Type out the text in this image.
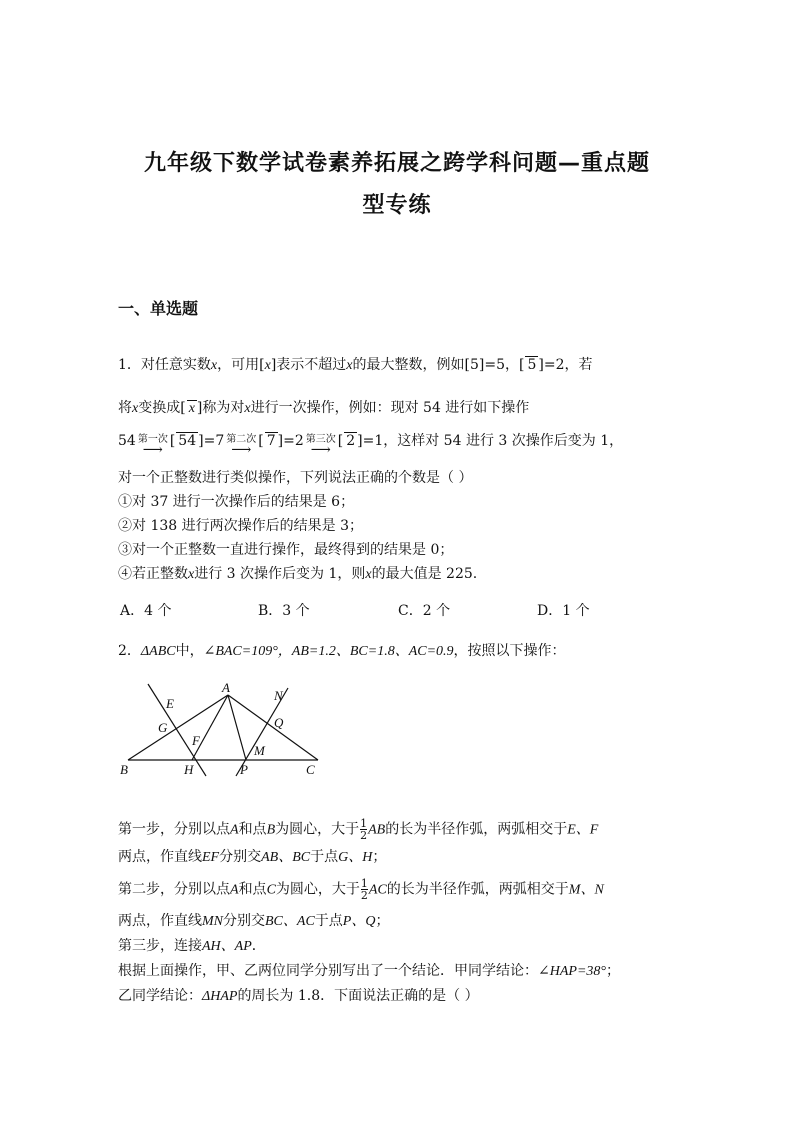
九年级下数学试卷素养拓展之跨学科问题—重点题
型专练
一、单选题
1．对任意实数x，可用[x]表示不超过x的最大整数，例如[5]=5，[ 5 ]=2，若
将x变换成[ x ]称为对x进行一次操作，例如：现对 54 进行如下操作
54 第一次 ⟶ [ 54 ]=7 第二次 ⟶ [ 7 ]=2 第三次 ⟶ [ 2 ]=1，这样对 54 进行 3 次操作后变为 1，
对一个正整数进行类似操作，下列说法正确的个数是（ ）
①对 37 进行一次操作后的结果是 6；
②对 138 进行两次操作后的结果是 3；
③对一个正整数一直进行操作，最终得到的结果是 0；
④若正整数x进行 3 次操作后变为 1，则x的最大值是 225.
A．4 个	B．3 个	C．2 个	D．1 个
2．ΔABC中，∠BAC=109°，AB=1.2、BC=1.8、AC=0.9，按照以下操作：
A
B	C
E
G
F
H
N
Q
M
P
第一步，分别以点A和点B为圆心，大于 $\frac{1}{2}$ AB的长为半径作弧，两弧相交于E、F
两点，作直线EF分别交AB、BC于点G、H；
第二步，分别以点A和点C为圆心，大于 $\frac{1}{2}$ AC的长为半径作弧，两弧相交于M、N
两点，作直线MN分别交BC、AC于点P、Q；
第三步，连接AH、AP．
根据上面操作，甲、乙两位同学分别写出了一个结论．甲同学结论：∠HAP=38°；
乙同学结论：ΔHAP的周长为 1.8．下面说法正确的是（ ）
